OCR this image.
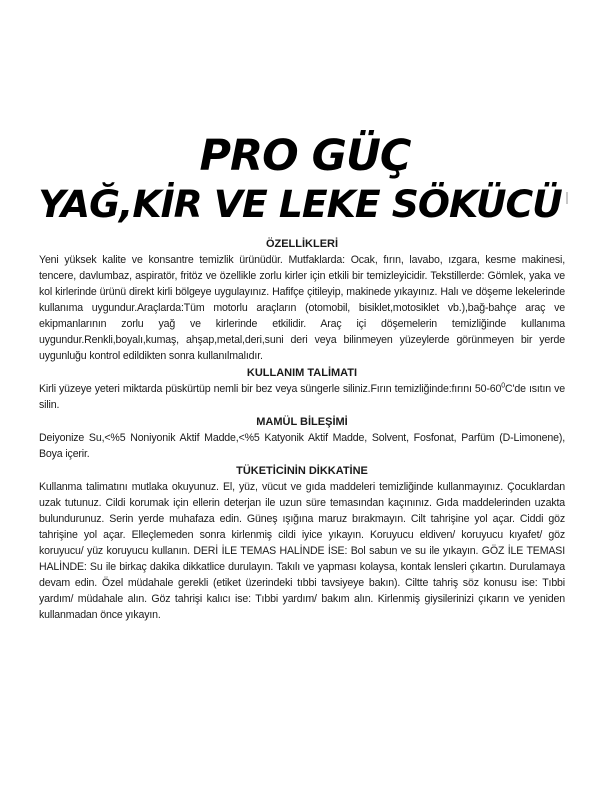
PRO GÜÇ
YAĞ,KİR VE LEKE SÖKÜCÜ
ÖZELLİKLERİ

Yeni yüksek kalite ve konsantre temizlik ürünüdür. Mutfaklarda: Ocak, fırın, lavabo, ızgara, kesme makinesi, tencere, davlumbaz, aspiratör, fritöz ve özellikle zorlu kirler için etkili bir temizleyicidir. Tekstillerde: Gömlek, yaka ve kol kirlerinde ürünü direkt kirli bölgeye uygulayınız. Hafifçe çitileyip, makinede yıkayınız. Halı ve döşeme lekelerinde kullanıma uygundur.Araçlarda:Tüm motorlu araçların (otomobil, bisiklet,motosiklet vb.),bağ-bahçe araç ve ekipmanlarının zorlu yağ ve kirlerinde etkilidir. Araç içi döşemelerin temizliğinde kullanıma uygundur.Renkli,boyalı,kumaş, ahşap,metal,deri,suni deri veya bilinmeyen yüzeylerde görünmeyen bir yerde uygunluğu kontrol edildikten sonra kullanılmalıdır.

KULLANIM TALİMATI

Kirli yüzeye yeteri miktarda püskürtüp nemli bir bez veya süngerle siliniz.Fırın temizliğinde:fırını $50-60^0C'de$ ısıtın ve silin.

MAMÜL BİLEŞİMİ

Deiyonize Su,<%5 Noniyonik Aktif Madde,<%5 Katyonik Aktif Madde, Solvent, Fosfonat, Parfüm (D-Limonene), Boya içerir.

TÜKETİCİNİN DİKKATİNE

Kullanma talimatını mutlaka okuyunuz. El, yüz, vücut ve gıda maddeleri temizliğinde kullanmayınız. Çocuklardan uzak tutunuz. Cildi korumak için ellerin deterjan ile uzun süre temasından kaçınınız. Gıda maddelerinden uzakta bulundurunuz. Serin yerde muhafaza edin. Güneş ışığına maruz bırakmayın. Cilt tahrişine yol açar. Ciddi göz tahrişine yol açar. Elleçlemeden sonra kirlenmiş cildi iyice yıkayın. Koruyucu eldiven/ koruyucu kıyafet/ göz koruyucu/ yüz koruyucu kullanın. DERİ İLE TEMAS HALİNDE İSE: Bol sabun ve su ile yıkayın. GÖZ İLE TEMASI HALİNDE: Su ile birkaç dakika dikkatlice durulayın. Takılı ve yapması kolaysa, kontak lensleri çıkartın. Durulamaya devam edin. Özel müdahale gerekli (etiket üzerindeki tıbbi tavsiyeye bakın). Ciltte tahriş söz konusu ise: Tıbbi yardım/ müdahale alın. Göz tahrişi kalıcı ise: Tıbbi yardım/ bakım alın. Kirlenmiş giysilerinizi çıkarın ve yeniden kullanmadan önce yıkayın.
